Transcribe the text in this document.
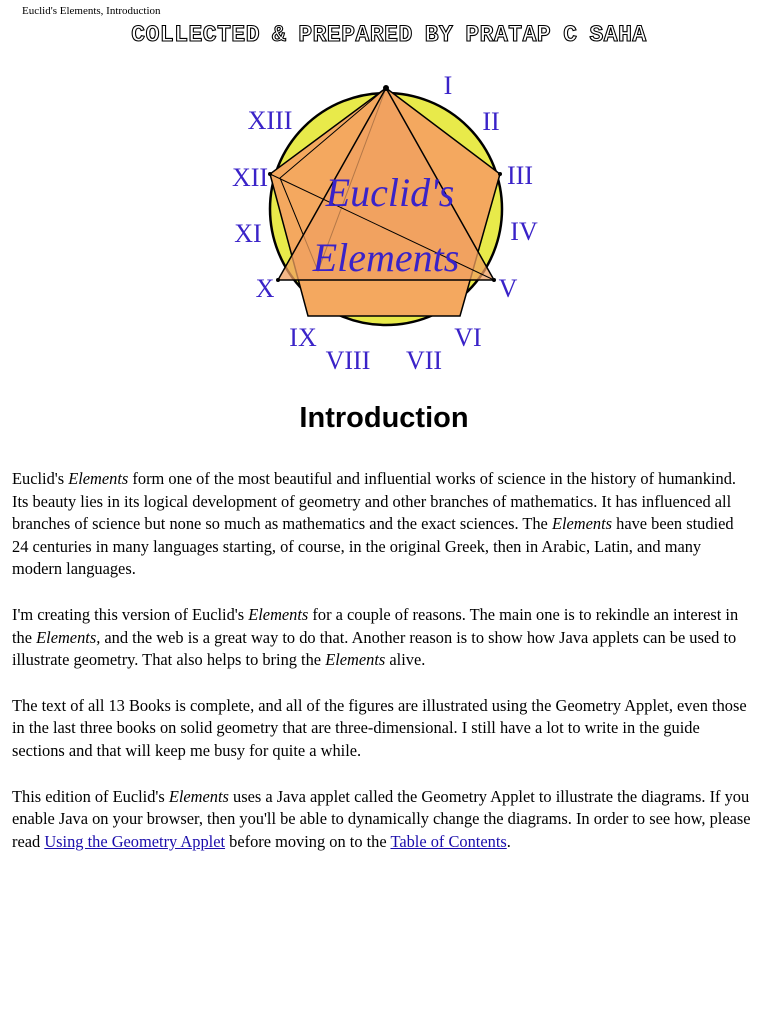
Euclid's Elements, Introduction
COLLECTED & PREPARED BY PRATAP C SAHA
Euclid's
Elements
I
II
III
IV
V
VI
VII
VIII
IX
X
XI
XII
XIII
Introduction

Euclid's Elements form one of the most beautiful and influential works of science in the history of humankind. Its beauty lies in its logical development of geometry and other branches of mathematics. It has influenced all branches of science but none so much as mathematics and the exact sciences. The Elements have been studied 24 centuries in many languages starting, of course, in the original Greek, then in Arabic, Latin, and many modern languages.

I'm creating this version of Euclid's Elements for a couple of reasons. The main one is to rekindle an interest in the Elements, and the web is a great way to do that. Another reason is to show how Java applets can be used to illustrate geometry. That also helps to bring the Elements alive.

The text of all 13 Books is complete, and all of the figures are illustrated using the Geometry Applet, even those in the last three books on solid geometry that are three-dimensional. I still have a lot to write in the guide sections and that will keep me busy for quite a while.

This edition of Euclid's Elements uses a Java applet called the Geometry Applet to illustrate the diagrams. If you enable Java on your browser, then you'll be able to dynamically change the diagrams. In order to see how, please read Using the Geometry Applet before moving on to the Table of Contents.
